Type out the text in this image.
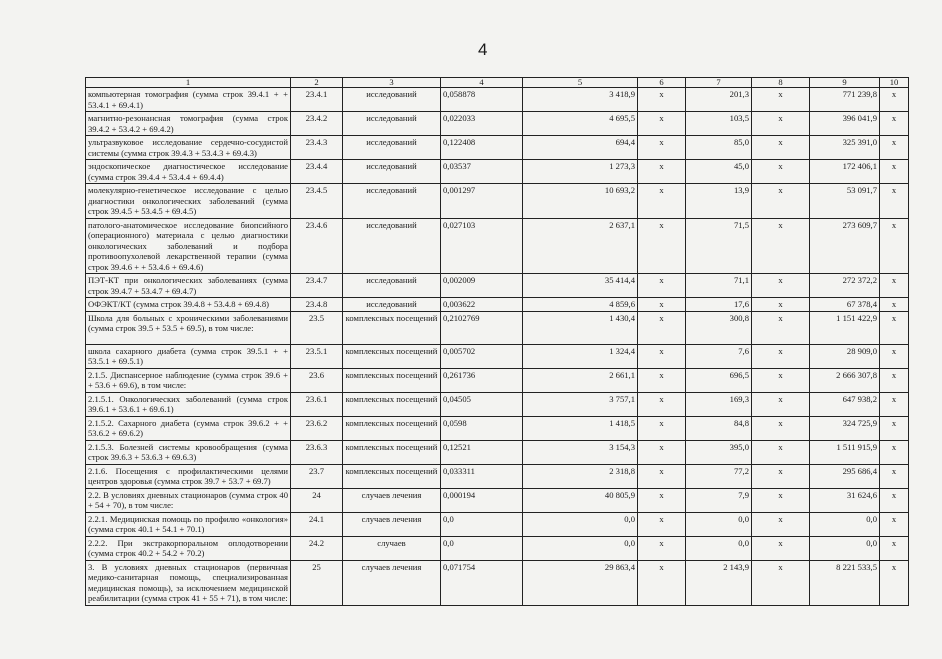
4
1	2	3	4	5	6	7	8	9	10
компьютерная томография (сумма строк 39.4.1 + + 53.4.1 + 69.4.1)	23.4.1	исследований	0,058878	3 418,9	x	201,3	x	771 239,8	x
магнитно-резонансная томография (сумма строк 39.4.2 + 53.4.2 + 69.4.2)	23.4.2	исследований	0,022033	4 695,5	x	103,5	x	396 041,9	x
ультразвуковое исследование сердечно-сосудистой системы (сумма строк 39.4.3 + 53.4.3 + 69.4.3)	23.4.3	исследований	0,122408	694,4	x	85,0	x	325 391,0	x
эндоскопическое диагностическое исследование (сумма строк 39.4.4 + 53.4.4 + 69.4.4)	23.4.4	исследований	0,03537	1 273,3	x	45,0	x	172 406,1	x
молекулярно-генетическое исследование с целью диагностики онкологических заболеваний (сумма строк 39.4.5 + 53.4.5 + 69.4.5)	23.4.5	исследований	0,001297	10 693,2	x	13,9	x	53 091,7	x
патолого-анатомическое исследование биопсийного (операционного) материала с целью диагностики онкологических заболеваний и подбора противоопухолевой лекарственной терапии (сумма строк 39.4.6 + + 53.4.6 + 69.4.6)	23.4.6	исследований	0,027103	2 637,1	x	71,5	x	273 609,7	x
ПЭТ-КТ при онкологических заболеваниях (сумма строк 39.4.7 + 53.4.7 + 69.4.7)	23.4.7	исследований	0,002009	35 414,4	x	71,1	x	272 372,2	x
ОФЭКТ/КТ (сумма строк 39.4.8 + 53.4.8 + 69.4.8)	23.4.8	исследований	0,003622	4 859,6	x	17,6	x	67 378,4	x
Школа для больных с хроническими заболеваниями (сумма строк 39.5 + 53.5 + 69.5), в том числе:	23.5	комплексных посещений	0,2102769	1 430,4	x	300,8	x	1 151 422,9	x
школа сахарного диабета (сумма строк 39.5.1 + + 53.5.1 + 69.5.1)	23.5.1	комплексных посещений	0,005702	1 324,4	x	7,6	x	28 909,0	x
2.1.5. Диспансерное наблюдение (сумма строк 39.6 + + 53.6 + 69.6), в том числе:	23.6	комплексных посещений	0,261736	2 661,1	x	696,5	x	2 666 307,8	x
2.1.5.1. Онкологических заболеваний (сумма строк 39.6.1 + 53.6.1 + 69.6.1)	23.6.1	комплексных посещений	0,04505	3 757,1	x	169,3	x	647 938,2	x
2.1.5.2. Сахарного диабета (сумма строк 39.6.2 + + 53.6.2 + 69.6.2)	23.6.2	комплексных посещений	0,0598	1 418,5	x	84,8	x	324 725,9	x
2.1.5.3. Болезней системы кровообращения (сумма строк 39.6.3 + 53.6.3 + 69.6.3)	23.6.3	комплексных посещений	0,12521	3 154,3	x	395,0	x	1 511 915,9	x
2.1.6. Посещения с профилактическими целями центров здоровья (сумма строк 39.7 + 53.7 + 69.7)	23.7	комплексных посещений	0,033311	2 318,8	x	77,2	x	295 686,4	x
2.2. В условиях дневных стационаров (сумма строк 40 + 54 + 70), в том числе:	24	случаев лечения	0,000194	40 805,9	x	7,9	x	31 624,6	x
2.2.1. Медицинская помощь по профилю «онкология» (сумма строк 40.1 + 54.1 + 70.1)	24.1	случаев лечения	0,0	0,0	x	0,0	x	0,0	x
2.2.2. При экстракорпоральном оплодотворении (сумма строк 40.2 + 54.2 + 70.2)	24.2	случаев	0,0	0,0	x	0,0	x	0,0	x
3. В условиях дневных стационаров (первичная медико-санитарная помощь, специализированная медицинская помощь), за исключением медицинской реабилитации (сумма строк 41 + 55 + 71), в том числе:	25	случаев лечения	0,071754	29 863,4	x	2 143,9	x	8 221 533,5	x
